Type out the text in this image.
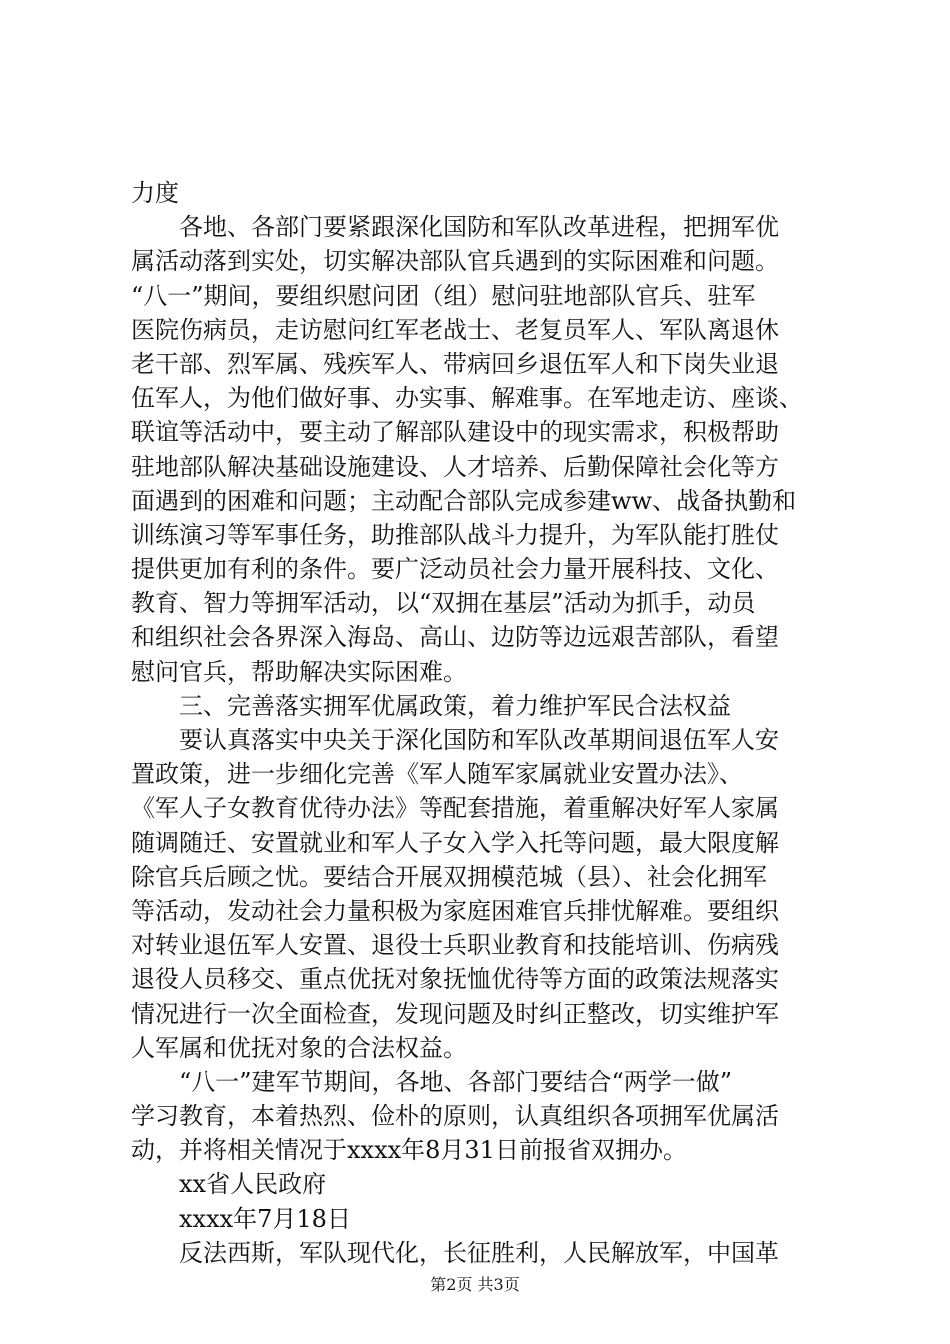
力度
各地、各部门要紧跟深化国防和军队改革进程，把拥军优
属活动落到实处，切实解决部队官兵遇到的实际困难和问题。
“八一”期间，要组织慰问团（组）慰问驻地部队官兵、驻军
医院伤病员，走访慰问红军老战士、老复员军人、军队离退休
老干部、烈军属、残疾军人、带病回乡退伍军人和下岗失业退
伍军人，为他们做好事、办实事、解难事。在军地走访、座谈、
联谊等活动中，要主动了解部队建设中的现实需求，积极帮助
驻地部队解决基础设施建设、人才培养、后勤保障社会化等方
面遇到的困难和问题；主动配合部队完成参建ww、战备执勤和
训练演习等军事任务，助推部队战斗力提升，为军队能打胜仗
提供更加有利的条件。要广泛动员社会力量开展科技、文化、
教育、智力等拥军活动，以“双拥在基层”活动为抓手，动员
和组织社会各界深入海岛、高山、边防等边远艰苦部队，看望
慰问官兵，帮助解决实际困难。
三、完善落实拥军优属政策，着力维护军民合法权益
要认真落实中央关于深化国防和军队改革期间退伍军人安
置政策，进一步细化完善《军人随军家属就业安置办法》、
《军人子女教育优待办法》等配套措施，着重解决好军人家属
随调随迁、安置就业和军人子女入学入托等问题，最大限度解
除官兵后顾之忧。要结合开展双拥模范城（县）、社会化拥军
等活动，发动社会力量积极为家庭困难官兵排忧解难。要组织
对转业退伍军人安置、退役士兵职业教育和技能培训、伤病残
退役人员移交、重点优抚对象抚恤优待等方面的政策法规落实
情况进行一次全面检查，发现问题及时纠正整改，切实维护军
人军属和优抚对象的合法权益。
“八一”建军节期间，各地、各部门要结合“两学一做”
学习教育，本着热烈、俭朴的原则，认真组织各项拥军优属活
动，并将相关情况于xxxx年8月31日前报省双拥办。
xx省人民政府
xxxx年7月18日
反法西斯，军队现代化，长征胜利，人民解放军，中国革
第2页 共3页
